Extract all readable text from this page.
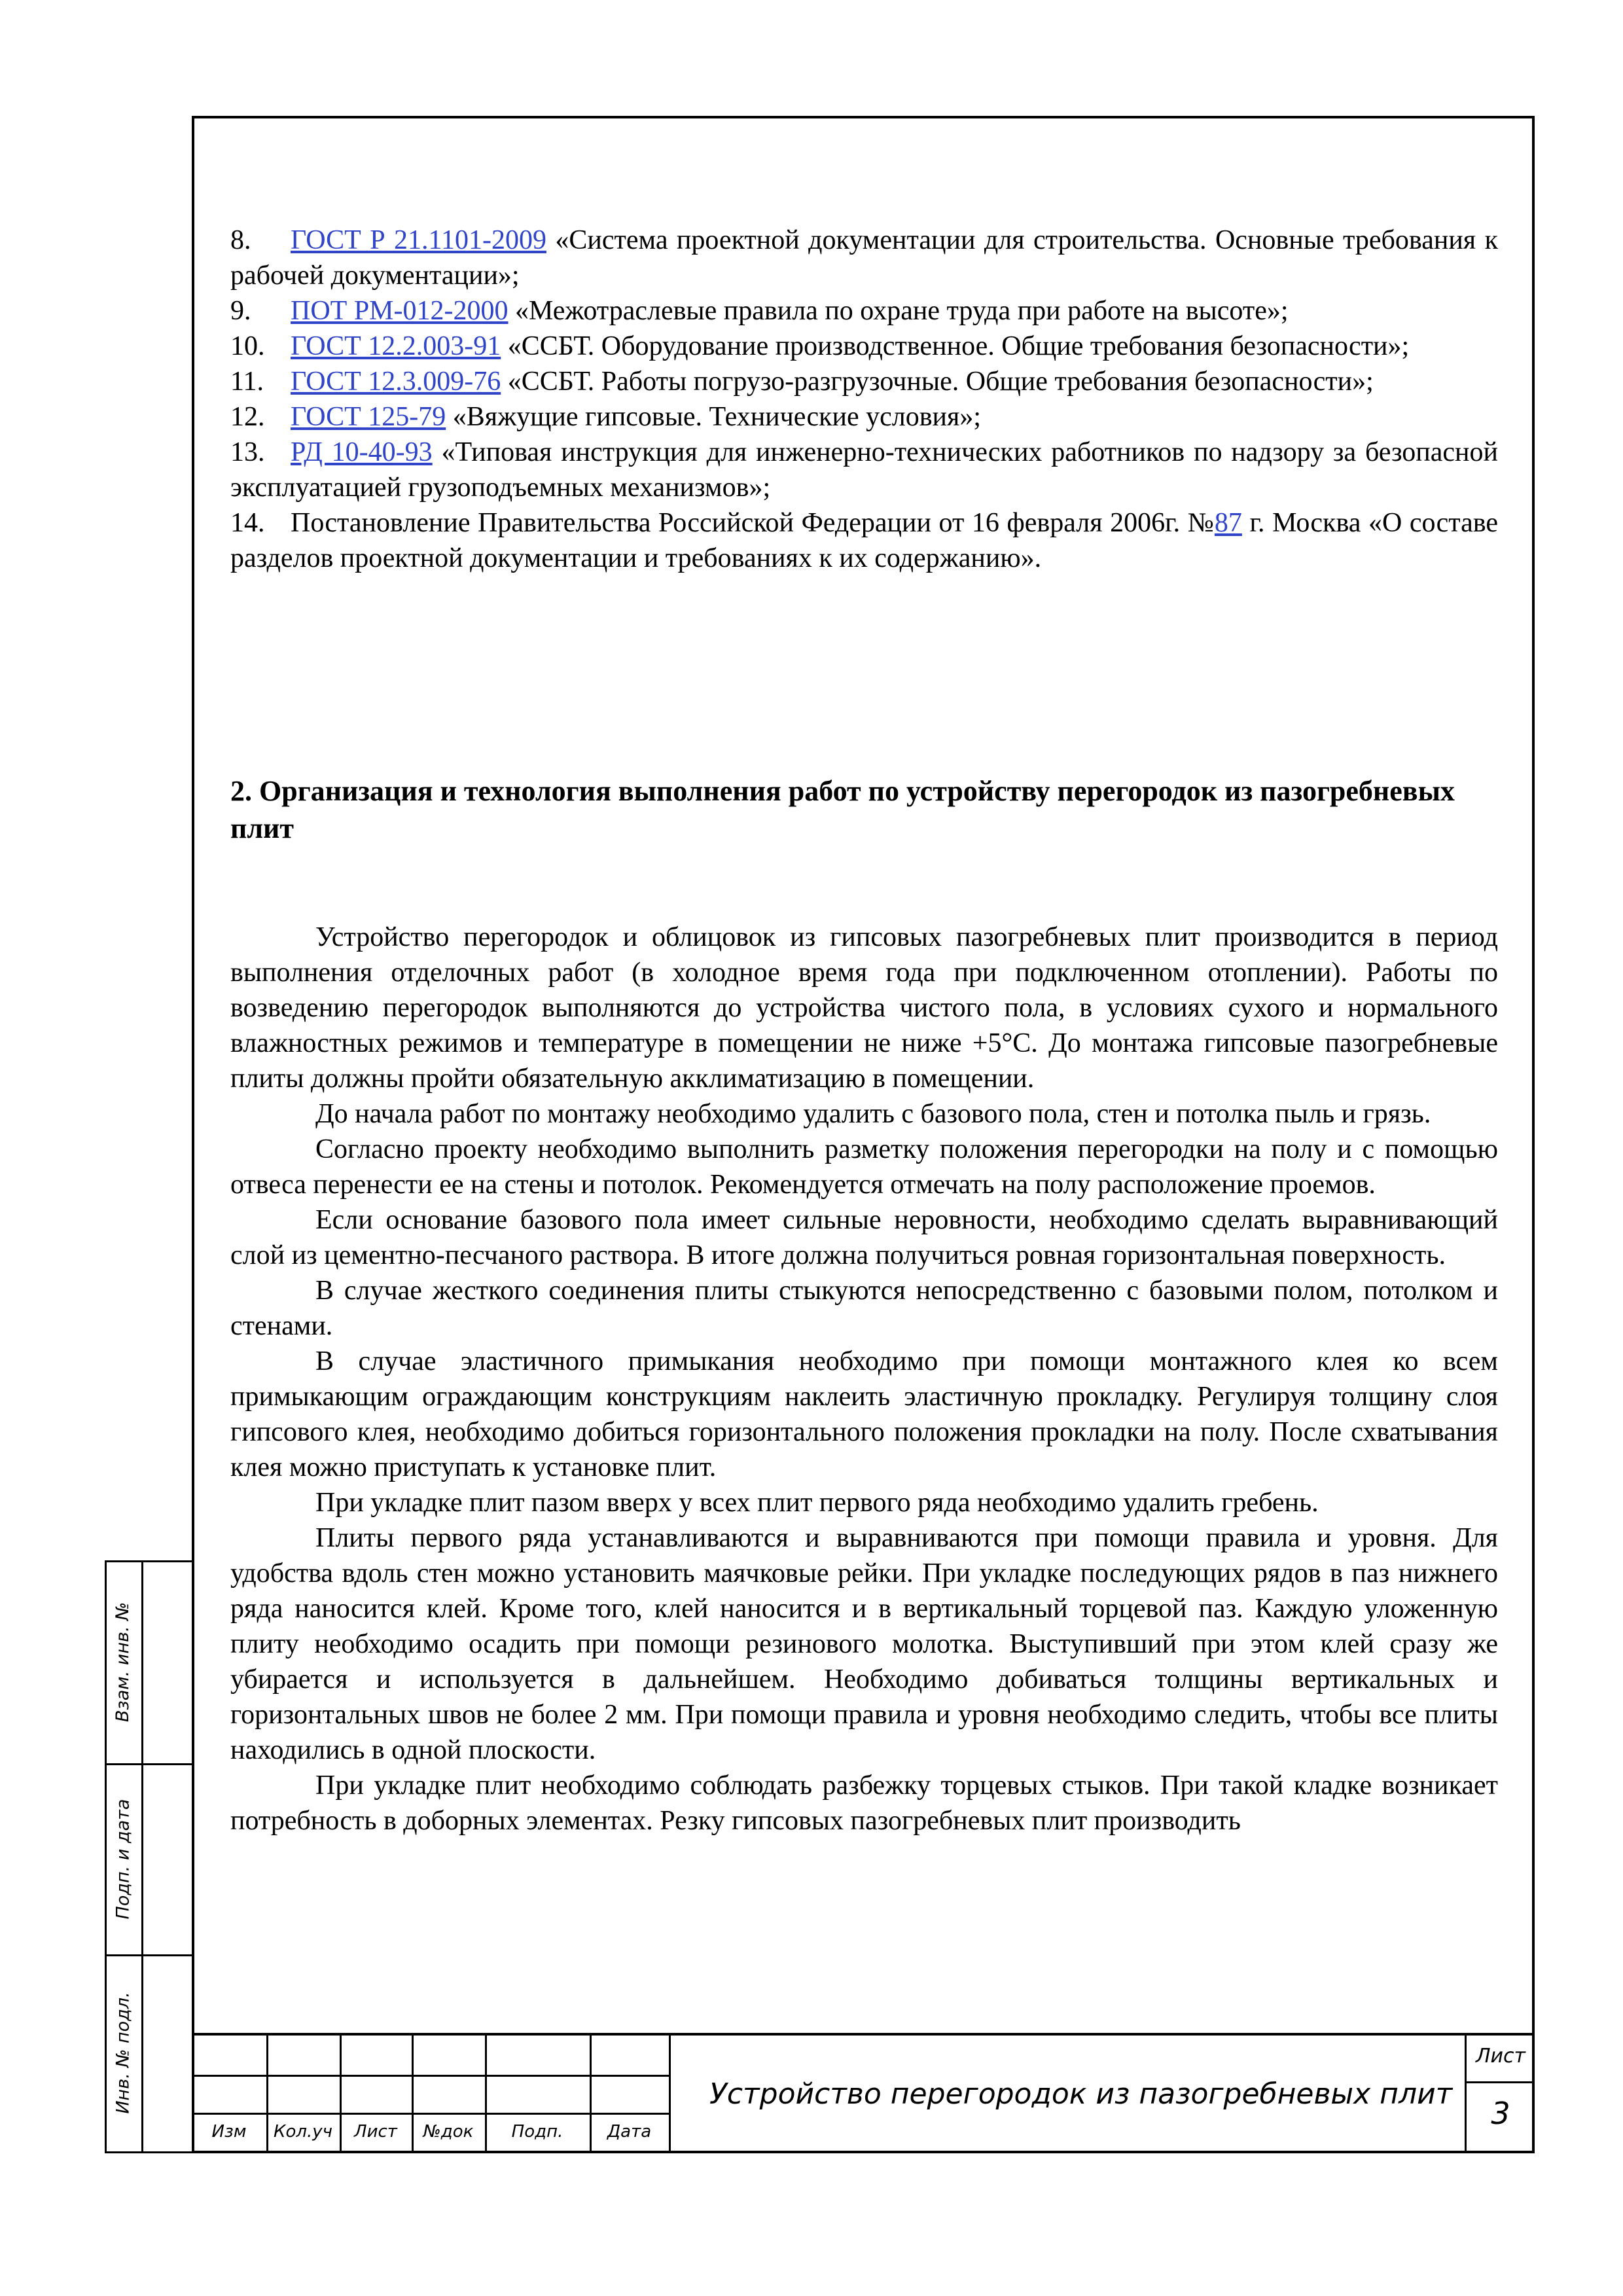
8. ГОСТ Р 21.1101-2009 «Система проектной документации для строительства. Основные требования к рабочей документации»;

9. ПОТ РМ-012-2000 «Межотраслевые правила по охране труда при работе на высоте»;

10. ГОСТ 12.2.003-91 «ССБТ. Оборудование производственное. Общие требования безопасности»;

11. ГОСТ 12.3.009-76 «ССБТ. Работы погрузо-разгрузочные. Общие требования безопасности»;

12. ГОСТ 125-79 «Вяжущие гипсовые. Технические условия»;

13. РД 10-40-93 «Типовая инструкция для инженерно-технических работников по надзору за безопасной эксплуатацией грузоподъемных механизмов»;

14. Постановление Правительства Российской Федерации от 16 февраля 2006г. №87 г. Москва «О составе разделов проектной документации и требованиях к их содержанию».

2. Организация и технология выполнения работ по устройству перегородок из пазогребневых плит

Устройство перегородок и облицовок из гипсовых пазогребневых плит производится в период выполнения отделочных работ (в холодное время года при подключенном отоплении). Работы по возведению перегородок выполняются до устройства чистого пола, в условиях сухого и нормального влажностных режимов и температуре в помещении не ниже +5°С. До монтажа гипсовые пазогребневые плиты должны пройти обязательную акклиматизацию в помещении.

До начала работ по монтажу необходимо удалить с базового пола, стен и потолка пыль и грязь.

Согласно проекту необходимо выполнить разметку положения перегородки на полу и с помощью отвеса перенести ее на стены и потолок. Рекомендуется отмечать на полу расположение проемов.

Если основание базового пола имеет сильные неровности, необходимо сделать выравнивающий слой из цементно-песчаного раствора. В итоге должна получиться ровная горизонтальная поверхность.

В случае жесткого соединения плиты стыкуются непосредственно с базовыми полом, потолком и стенами.

В случае эластичного примыкания необходимо при помощи монтажного клея ко всем примыкающим ограждающим конструкциям наклеить эластичную прокладку. Регулируя толщину слоя гипсового клея, необходимо добиться горизонтального положения прокладки на полу. После схватывания клея можно приступать к установке плит.

При укладке плит пазом вверх у всех плит первого ряда необходимо удалить гребень.

Плиты первого ряда устанавливаются и выравниваются при помощи правила и уровня. Для удобства вдоль стен можно установить маячковые рейки. При укладке последующих рядов в паз нижнего ряда наносится клей. Кроме того, клей наносится и в вертикальный торцевой паз. Каждую уложенную плиту необходимо осадить при помощи резинового молотка. Выступивший при этом клей сразу же убирается и используется в дальнейшем. Необходимо добиваться толщины вертикальных и горизонтальных швов не более 2 мм. При помощи правила и уровня необходимо следить, чтобы все плиты находились в одной плоскости.

При укладке плит необходимо соблюдать разбежку торцевых стыков. При такой кладке возникает потребность в доборных элементах. Резку гипсовых пазогребневых плит производить

Взам. инв. №
Подп. и дата
Инв. № подл.
Изм	Кол.уч	Лист	№док	Подп.	Дата
Устройство перегородок из пазогребневых плит
Лист
3
